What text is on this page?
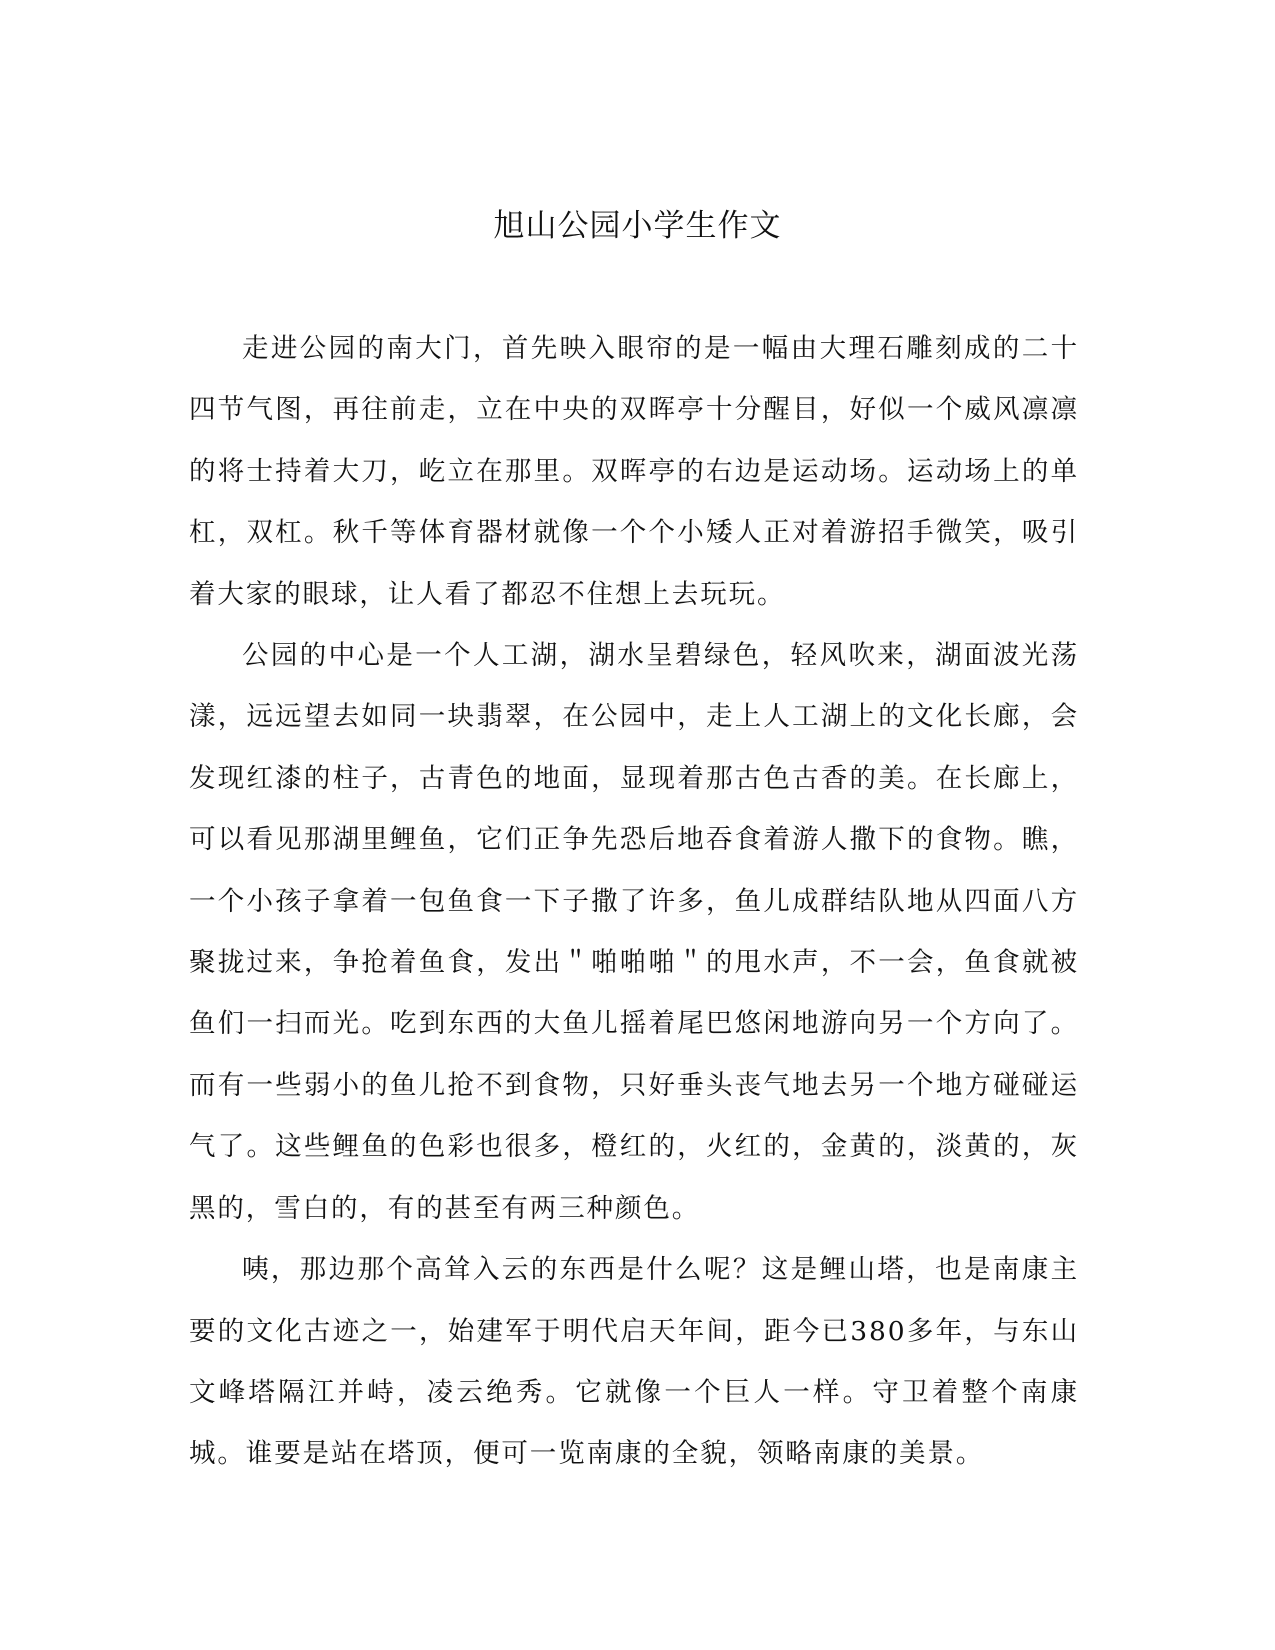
旭山公园小学生作文

走进公园的南大门，首先映入眼帘的是一幅由大理石雕刻成的二十四节气图，再往前走，立在中央的双晖亭十分醒目，好似一个威风凛凛的将士持着大刀，屹立在那里。双晖亭的右边是运动场。运动场上的单杠，双杠。秋千等体育器材就像一个个小矮人正对着游招手微笑，吸引着大家的眼球，让人看了都忍不住想上去玩玩。

公园的中心是一个人工湖，湖水呈碧绿色，轻风吹来，湖面波光荡漾，远远望去如同一块翡翠，在公园中，走上人工湖上的文化长廊，会发现红漆的柱子，古青色的地面，显现着那古色古香的美。在长廊上，可以看见那湖里鲤鱼，它们正争先恐后地吞食着游人撒下的食物。瞧，一个小孩子拿着一包鱼食一下子撒了许多，鱼儿成群结队地从四面八方聚拢过来，争抢着鱼食，发出＂啪啪啪＂的甩水声，不一会，鱼食就被鱼们一扫而光。吃到东西的大鱼儿摇着尾巴悠闲地游向另一个方向了。而有一些弱小的鱼儿抢不到食物，只好垂头丧气地去另一个地方碰碰运气了。这些鲤鱼的色彩也很多，橙红的，火红的，金黄的，淡黄的，灰黑的，雪白的，有的甚至有两三种颜色。

咦，那边那个高耸入云的东西是什么呢？这是鲤山塔，也是南康主要的文化古迹之一，始建军于明代启天年间，距今已380多年，与东山文峰塔隔江并峙，凌云绝秀。它就像一个巨人一样。守卫着整个南康城。谁要是站在塔顶，便可一览南康的全貌，领略南康的美景。
